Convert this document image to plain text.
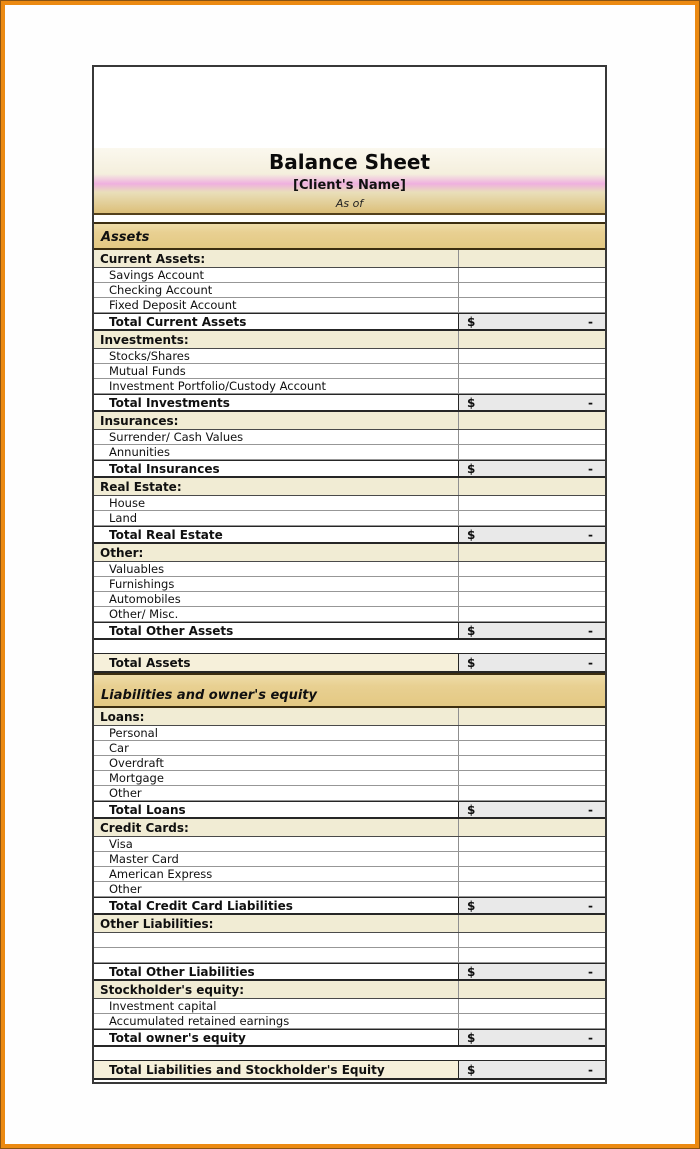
Balance Sheet
[Client's Name]
As of
Assets
Current Assets:
Savings Account
Checking Account
Fixed Deposit Account
Total Current Assets	$	-
Investments:
Stocks/Shares
Mutual Funds
Investment Portfolio/Custody Account
Total Investments	$	-
Insurances:
Surrender/ Cash Values
Annunities
Total Insurances	$	-
Real Estate:
House
Land
Total Real Estate	$	-
Other:
Valuables
Furnishings
Automobiles
Other/ Misc.
Total Other Assets	$	-
Total Assets	$	-
Liabilities and owner's equity
Loans:
Personal
Car
Overdraft
Mortgage
Other
Total Loans	$	-
Credit Cards:
Visa
Master Card
American Express
Other
Total Credit Card Liabilities	$	-
Other Liabilities:
Total Other Liabilities	$	-
Stockholder's equity:
Investment capital
Accumulated retained earnings
Total owner's equity	$	-
Total Liabilities and Stockholder's Equity	$	-
